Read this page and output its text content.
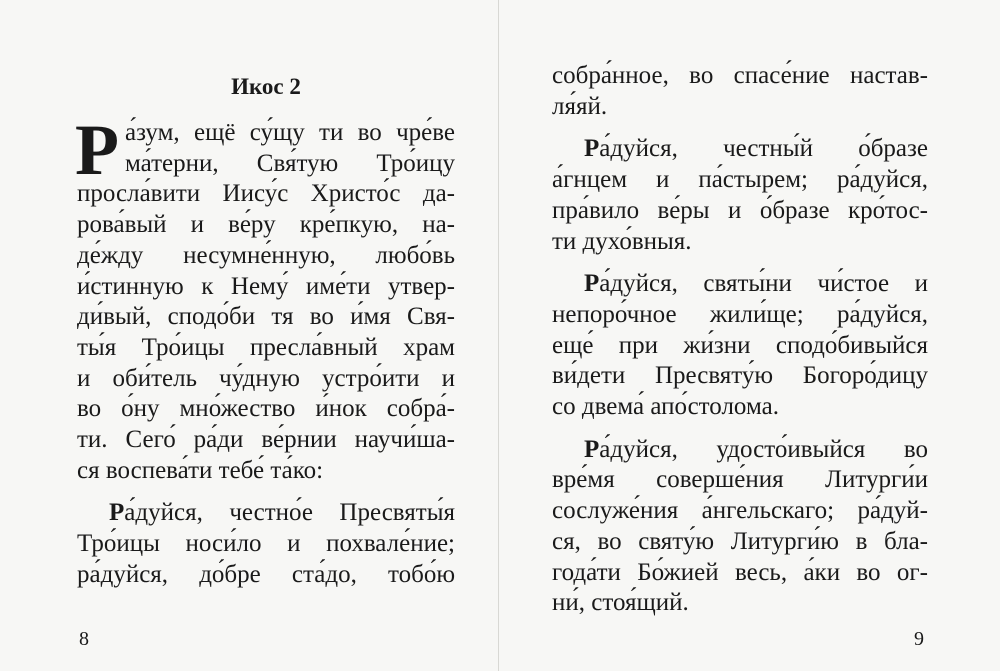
Икос 2
Р а́зум, ещё су́щу ти во чре́ве
ма́терни, Свя́тую Тро́ицу
просла́вити Иису́с Христо́с да-
рова́вый и ве́ру кре́пкую, на-
де́жду несумне́нную, любо́вь
и́стинную к Нему́ име́ти утвер-
ди́вый, сподо́би тя во и́мя Свя-
ты́я Тро́ицы пресла́вный храм
и оби́тель чу́дную устро́ити и
во о́ну мно́жество и́нок собра́-
ти. Сего́ ра́ди ве́рнии научи́ша-
ся воспева́ти тебе́ та́ко:
Ра́дуйся, честно́е Пресвяты́я
Тро́ицы носи́ло и похвале́ние;
ра́дуйся, до́бре ста́до, тобо́ю
8
собра́нное, во спасе́ние настав-
ля́яй.
Ра́дуйся, честны́й о́бразе
а́гнцем и па́стырем; ра́дуйся,
пра́вило ве́ры и о́бразе кро́тос-
ти духо́вныя.
Ра́дуйся, святы́ни чи́стое и
непоро́чное жили́ще; ра́дуйся,
еще́ при жи́зни сподо́бивыйся
ви́дети Пресвяту́ю Богоро́дицу
со двема́ апо́столома.
Ра́дуйся, удосто́ивыйся во
вре́мя соверше́ния Литурги́и
сослуже́ния а́нгельскаго; ра́дуй-
ся, во святу́ю Литурги́ю в бла-
года́ти Бо́жией весь, а́ки во ог-
ни́, стоя́щий.
9
